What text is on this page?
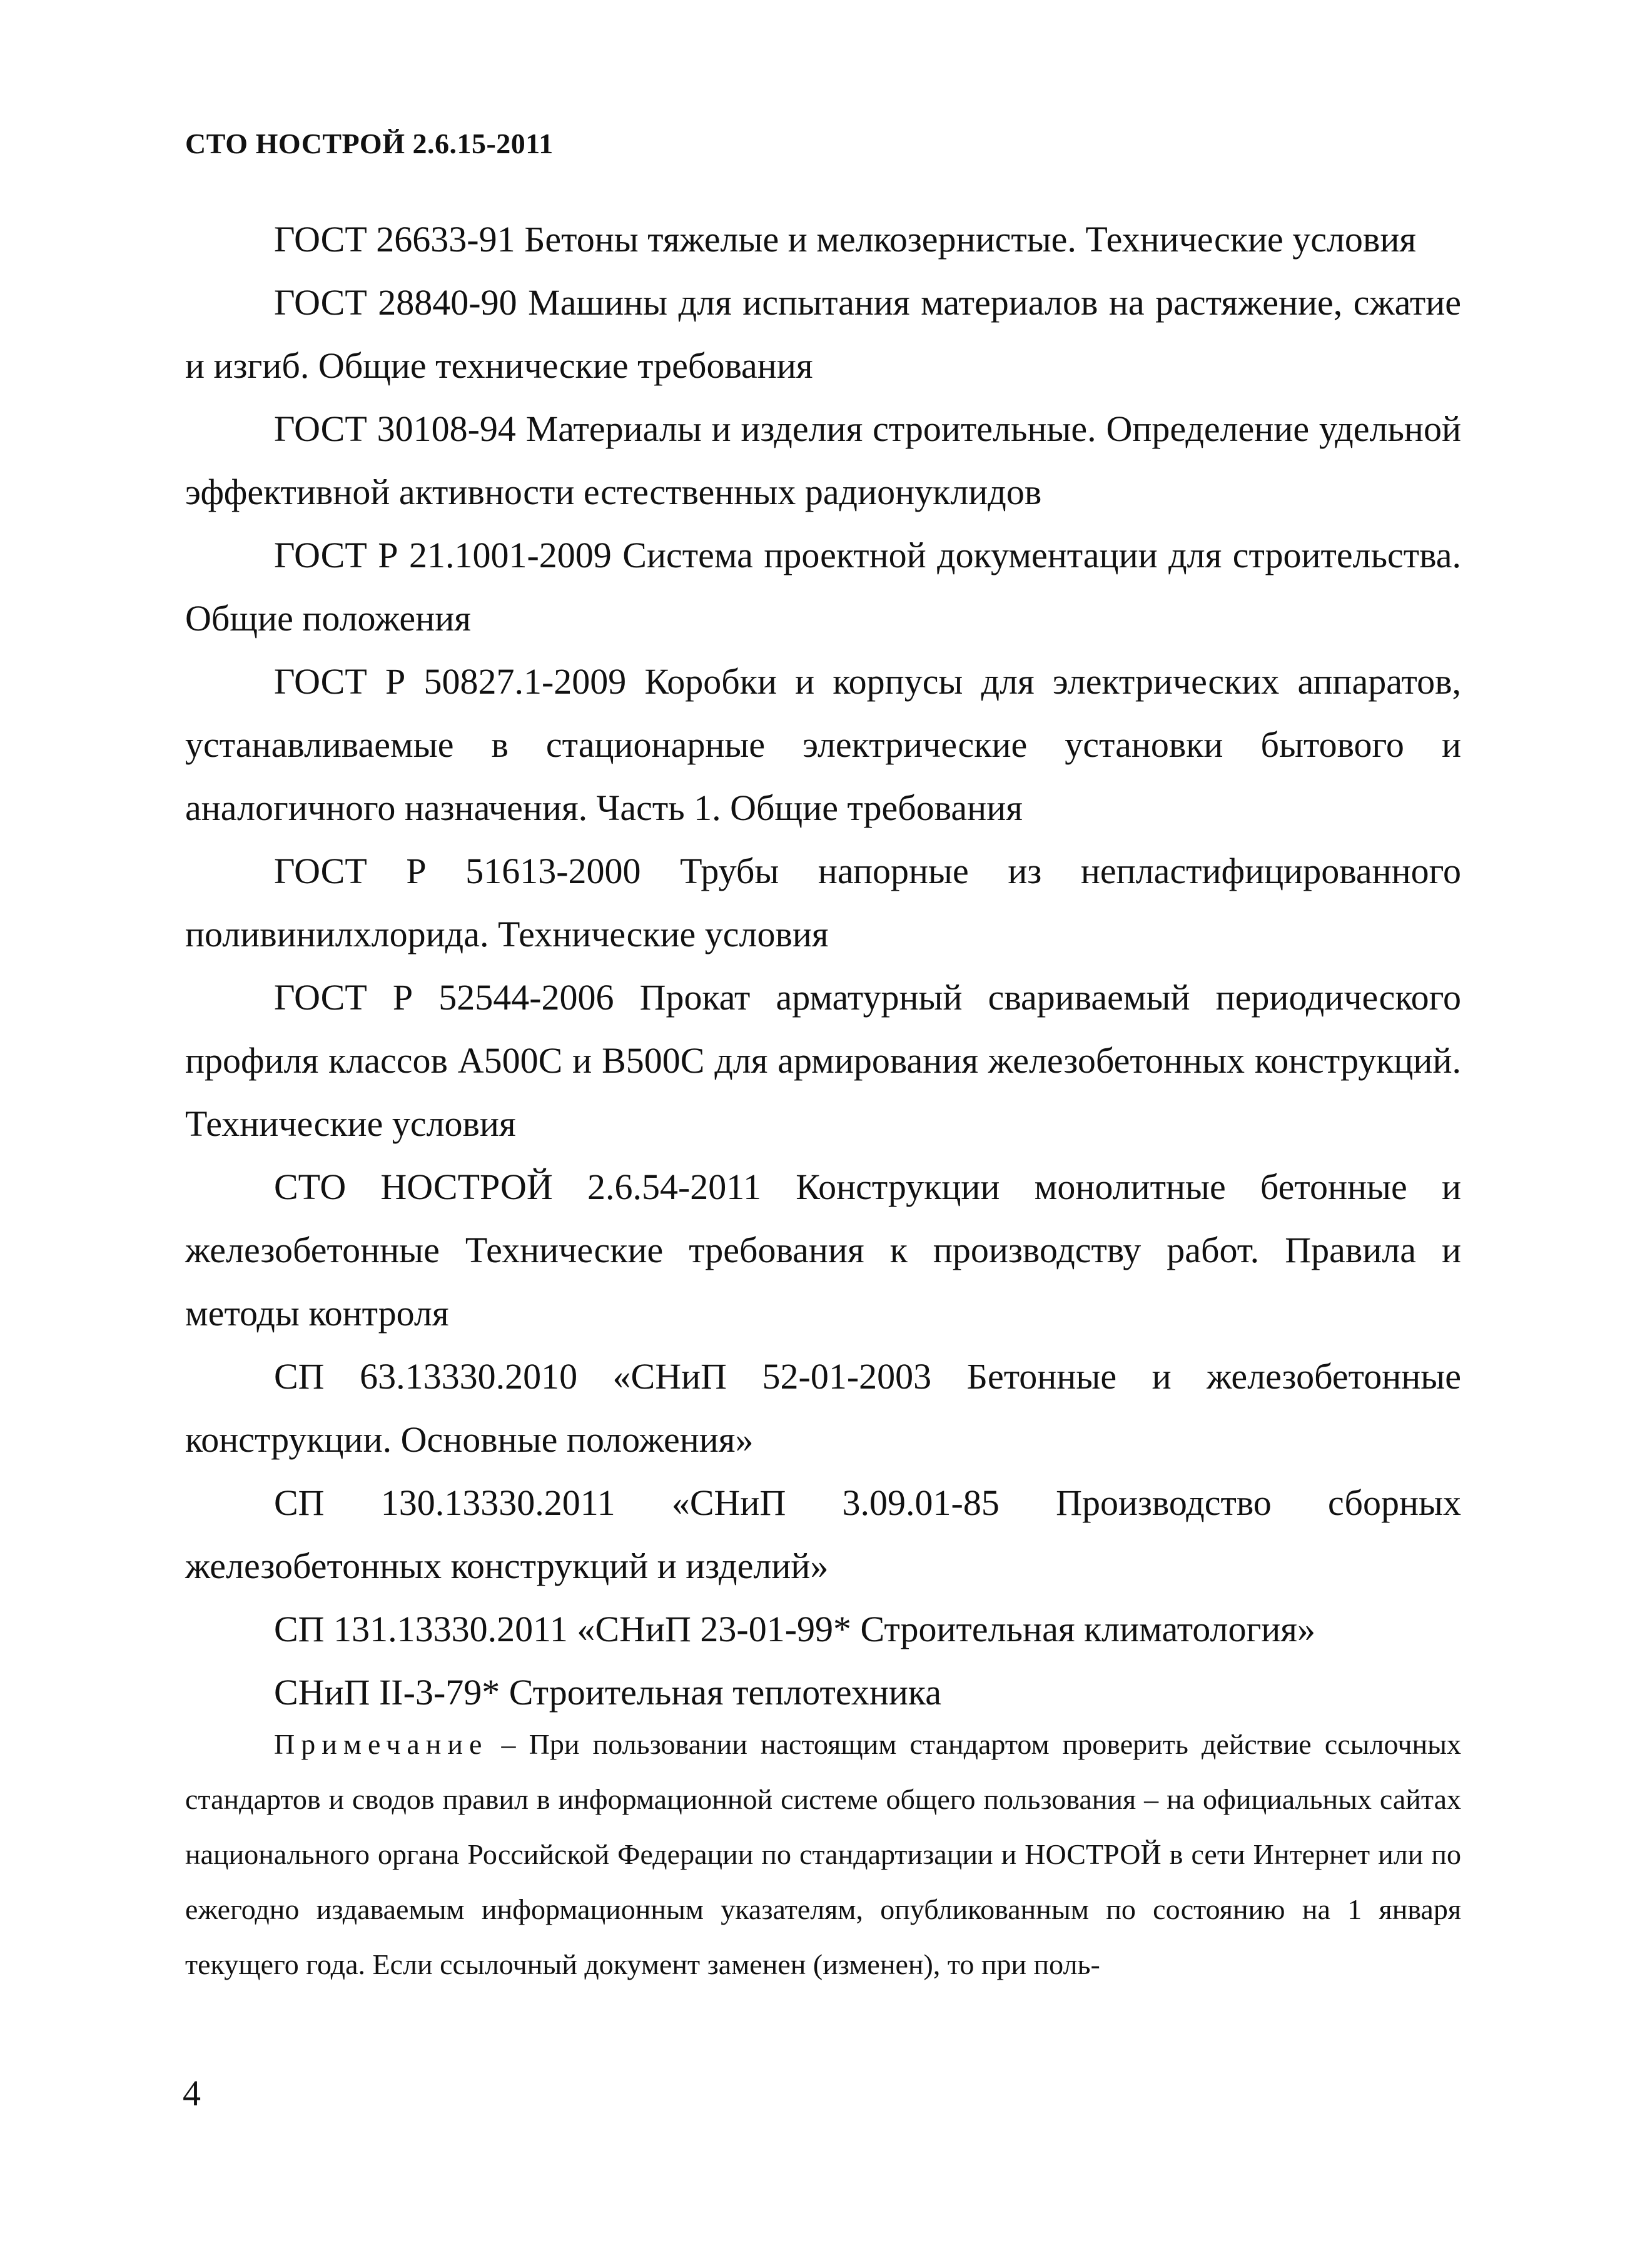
СТО НОСТРОЙ 2.6.15-2011

ГОСТ 26633-91 Бетоны тяжелые и мелкозернистые. Технические условия

ГОСТ 28840-90 Машины для испытания материалов на растяжение, сжатие и изгиб. Общие технические требования

ГОСТ 30108-94 Материалы и изделия строительные. Определение удельной эффективной активности естественных радионуклидов

ГОСТ Р 21.1001-2009 Система проектной документации для строительства. Общие положения

ГОСТ Р 50827.1-2009 Коробки и корпусы для электрических аппаратов, устанавливаемые в стационарные электрические установки бытового и аналогичного назначения. Часть 1. Общие требования

ГОСТ Р 51613-2000 Трубы напорные из непластифицированного поливинилхлорида. Технические условия

ГОСТ Р 52544-2006 Прокат арматурный свариваемый периодического профиля классов А500С и В500С для армирования железобетонных конструкций. Технические условия

СТО НОСТРОЙ 2.6.54-2011 Конструкции монолитные бетонные и железобетонные Технические требования к производству работ. Правила и методы контроля

СП 63.13330.2010 «СНиП 52-01-2003 Бетонные и железобетонные конструкции. Основные положения»

СП 130.13330.2011 «СНиП 3.09.01-85 Производство сборных железобетонных конструкций и изделий»

СП 131.13330.2011 «СНиП 23-01-99* Строительная климатология»

СНиП II-3-79* Строительная теплотехника

Примечание – При пользовании настоящим стандартом проверить действие ссылочных стандартов и сводов правил в информационной системе общего пользования – на официальных сайтах национального органа Российской Федерации по стандартизации и НОСТРОЙ в сети Интернет или по ежегодно издаваемым информационным указателям, опубликованным по состоянию на 1 января текущего года. Если ссылочный документ заменен (изменен), то при поль-
4
